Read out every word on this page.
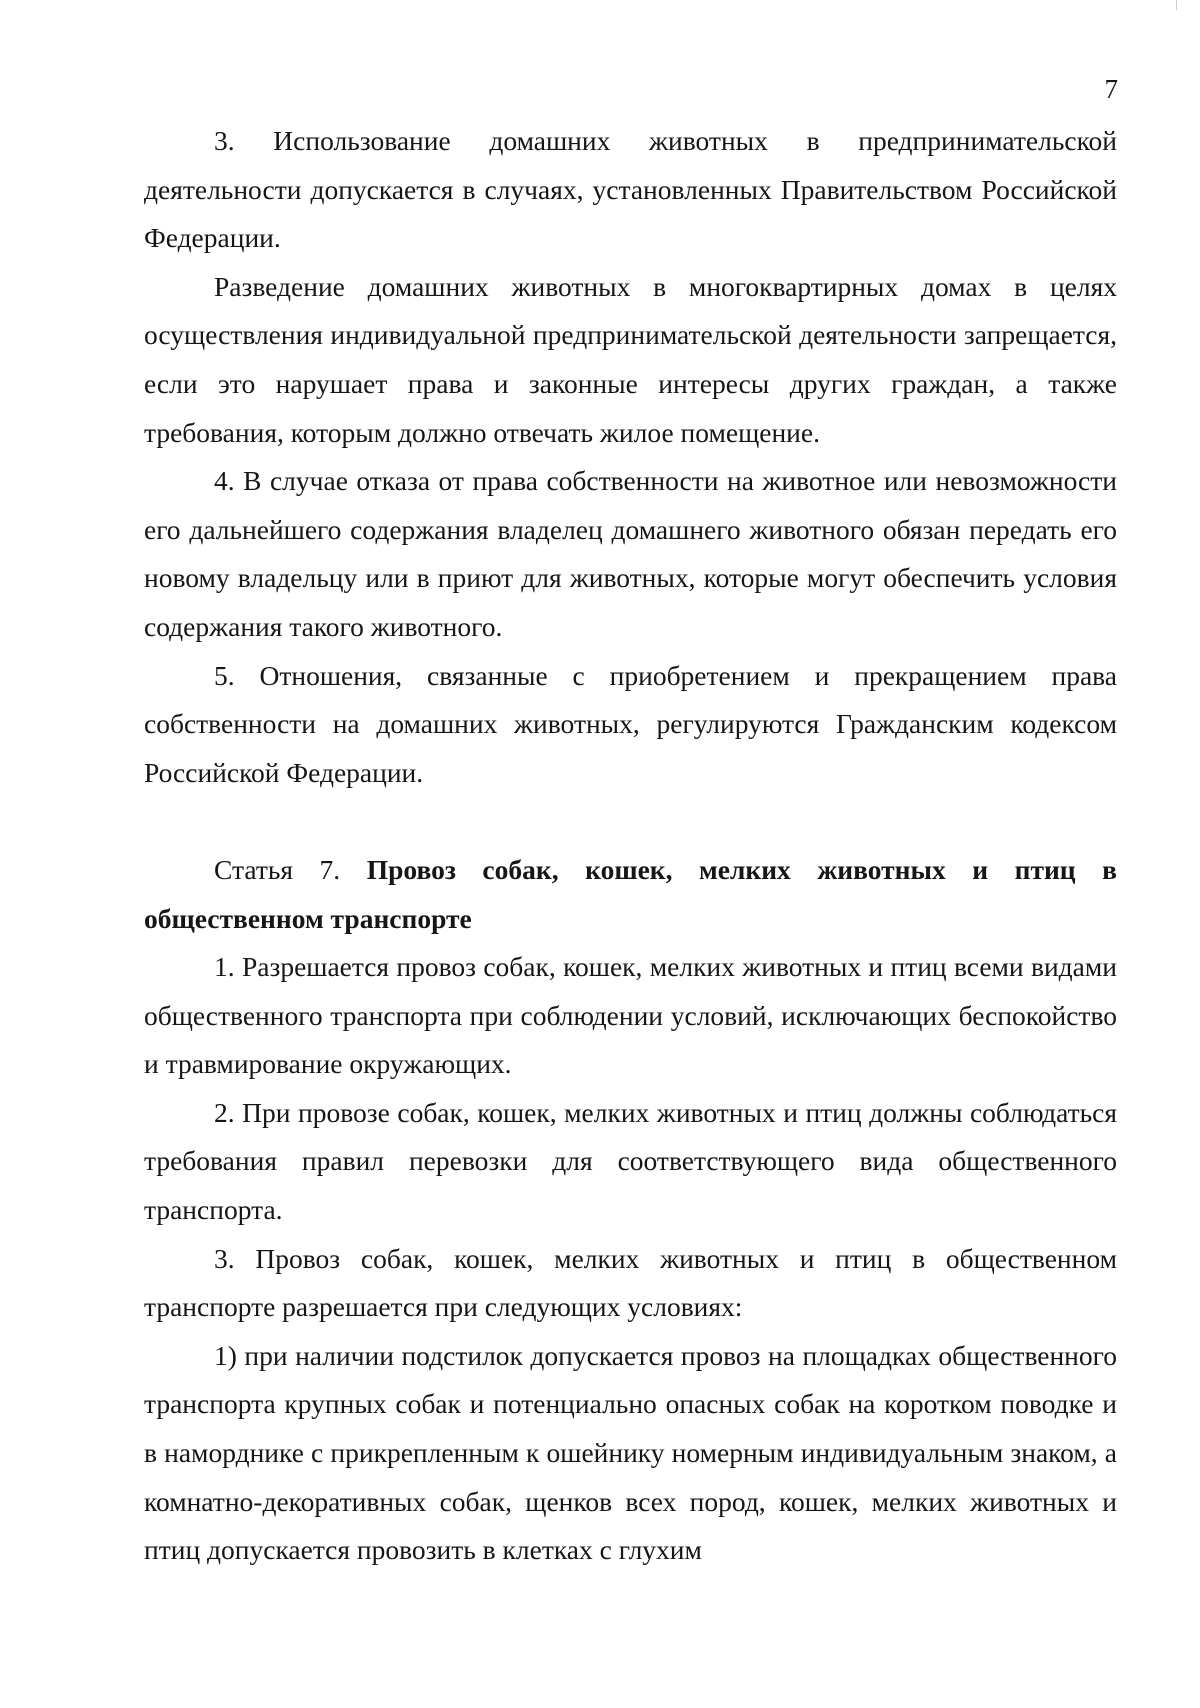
7

3. Использование домашних животных в предпринимательской деятельности допускается в случаях, установленных Правительством Российской Федерации.

Разведение домашних животных в многоквартирных домах в целях осуществления индивидуальной предпринимательской деятельности запрещается, если это нарушает права и законные интересы других граждан, а также требования, которым должно отвечать жилое помещение.

4. В случае отказа от права собственности на животное или невозможности его дальнейшего содержания владелец домашнего животного обязан передать его новому владельцу или в приют для животных, которые могут обеспечить условия содержания такого животного.

5. Отношения, связанные с приобретением и прекращением права собственности на домашних животных, регулируются Гражданским кодексом Российской Федерации.

Статья 7. Провоз собак, кошек, мелких животных и птиц в общественном транспорте

1. Разрешается провоз собак, кошек, мелких животных и птиц всеми видами общественного транспорта при соблюдении условий, исключающих беспокойство и травмирование окружающих.

2. При провозе собак, кошек, мелких животных и птиц должны соблюдаться требования правил перевозки для соответствующего вида общественного транспорта.

3. Провоз собак, кошек, мелких животных и птиц в общественном транспорте разрешается при следующих условиях:

1) при наличии подстилок допускается провоз на площадках общественного транспорта крупных собак и потенциально опасных собак на коротком поводке и в наморднике с прикрепленным к ошейнику номерным индивидуальным знаком, а комнатно-декоративных собак, щенков всех пород, кошек, мелких животных и птиц допускается провозить в клетках с глухим
